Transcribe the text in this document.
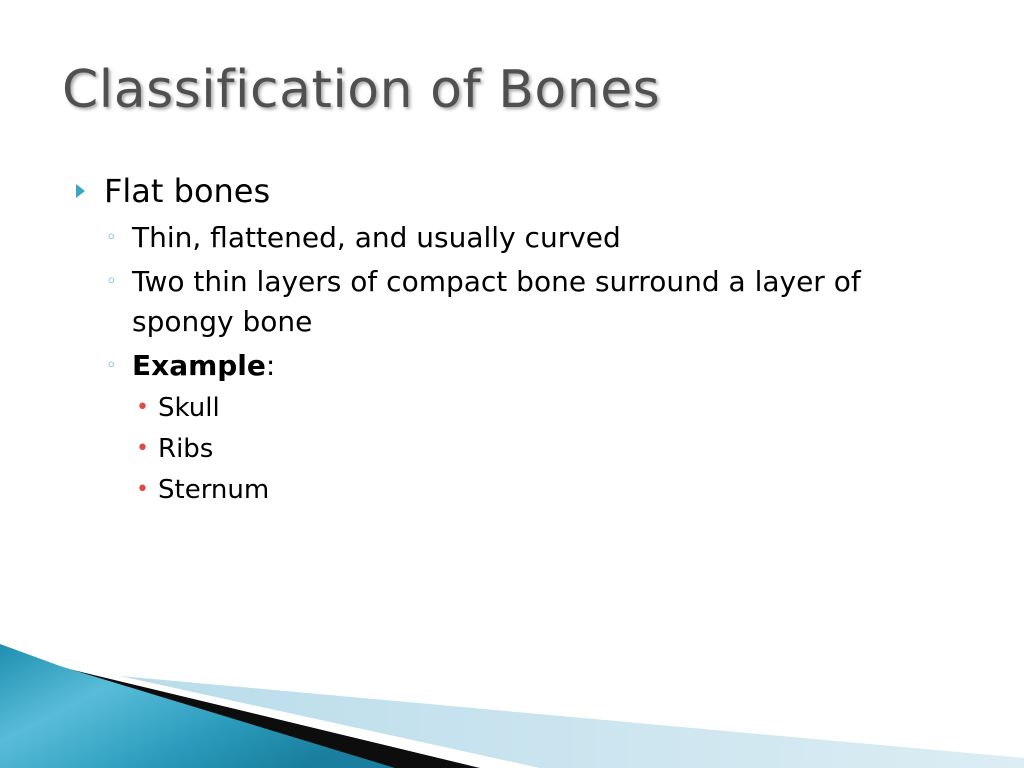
Classification of Bones
Flat bones
◦ Thin, flattened, and usually curved
◦ Two thin layers of compact bone surround a layer of spongy bone
◦ Example:
• Skull
• Ribs
• Sternum
